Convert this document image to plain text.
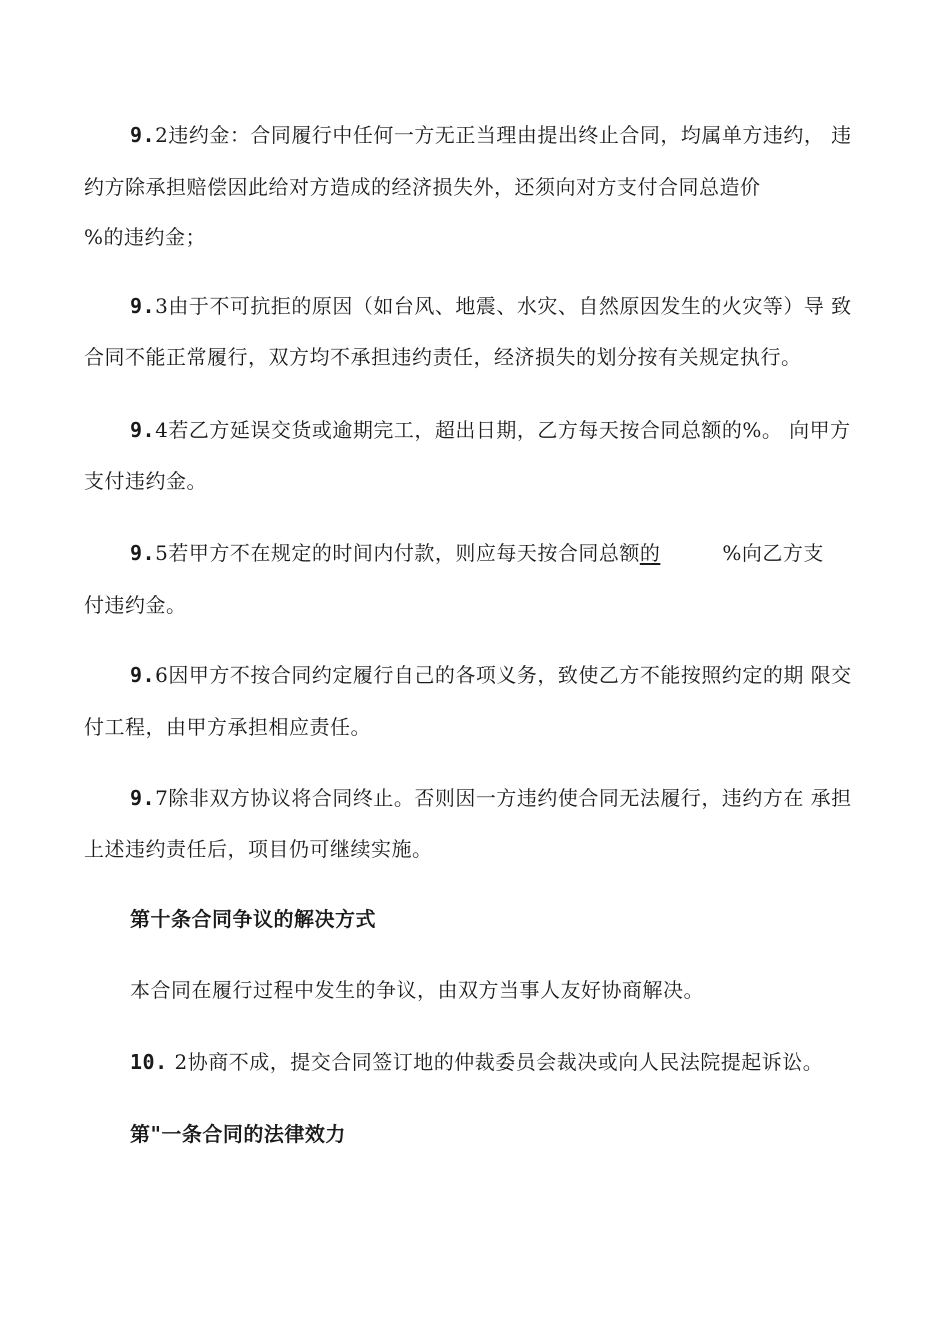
9.2违约金：合同履行中任何一方无正当理由提出终止合同，均属单方违约， 违
约方除承担赔偿因此给对方造成的经济损失外，还须向对方支付合同总造价
%的违约金；
9.3由于不可抗拒的原因（如台风、地震、水灾、自然原因发生的火灾等）导 致
合同不能正常履行，双方均不承担违约责任，经济损失的划分按有关规定执行。
9.4若乙方延误交货或逾期完工，超出日期，乙方每天按合同总额的%。 向甲方
支付违约金。
9.5若甲方不在规定的时间内付款，则应每天按合同总额的	%向乙方支
付违约金。
9.6因甲方不按合同约定履行自己的各项义务，致使乙方不能按照约定的期 限交
付工程，由甲方承担相应责任。
9.7除非双方协议将合同终止。否则因一方违约使合同无法履行，违约方在 承担
上述违约责任后，项目仍可继续实施。
第十条合同争议的解决方式
本合同在履行过程中发生的争议，由双方当事人友好协商解决。
10. 2协商不成，提交合同签订地的仲裁委员会裁决或向人民法院提起诉讼。
第"一条合同的法律效力
